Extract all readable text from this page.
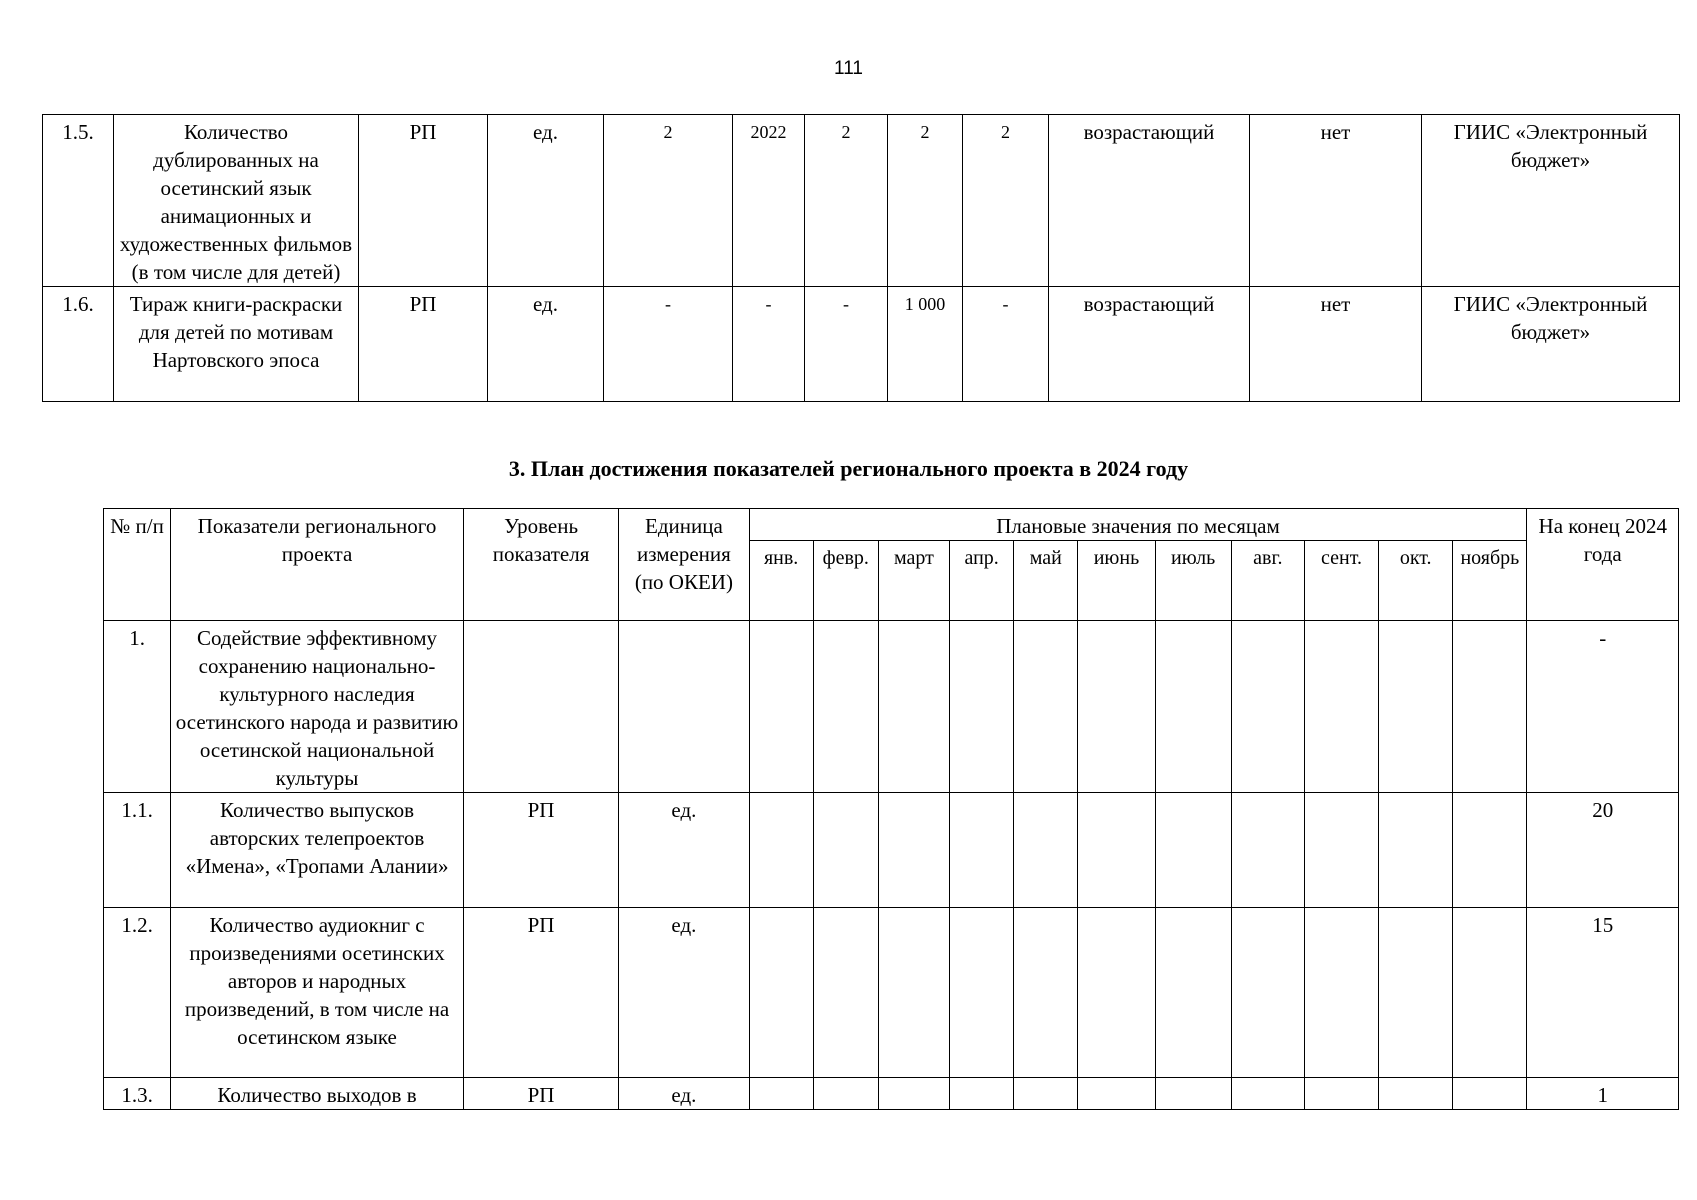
111
1.5.	Количество дублированных на осетинский язык анимационных и художественных фильмов (в том числе для детей)	РП	ед.	2	2022	2	2	2	возрастающий	нет	ГИИС «Электронный бюджет»
1.6.	Тираж книги-раскраски для детей по мотивам Нартовского эпоса	РП	ед.	-	-	-	1 000	-	возрастающий	нет	ГИИС «Электронный бюджет»
3. План достижения показателей регионального проекта в 2024 году
№ п/п	Показатели регионального проекта	Уровень показателя	Единица измерения (по ОКЕИ)	Плановые значения по месяцам											На конец 2024 года
				янв.	февр.	март	апр.	май	июнь	июль	авг.	сент.	окт.	ноябрь	
1.	Содействие эффективному сохранению национально-культурного наследия осетинского народа и развитию осетинской национальной культуры														-
1.1.	Количество выпусков авторских телепроектов «Имена», «Тропами Алании»	РП	ед.												20
1.2.	Количество аудиокниг с произведениями осетинских авторов и народных произведений, в том числе на осетинском языке	РП	ед.												15
1.3.	Количество выходов в	РП	ед.												1
